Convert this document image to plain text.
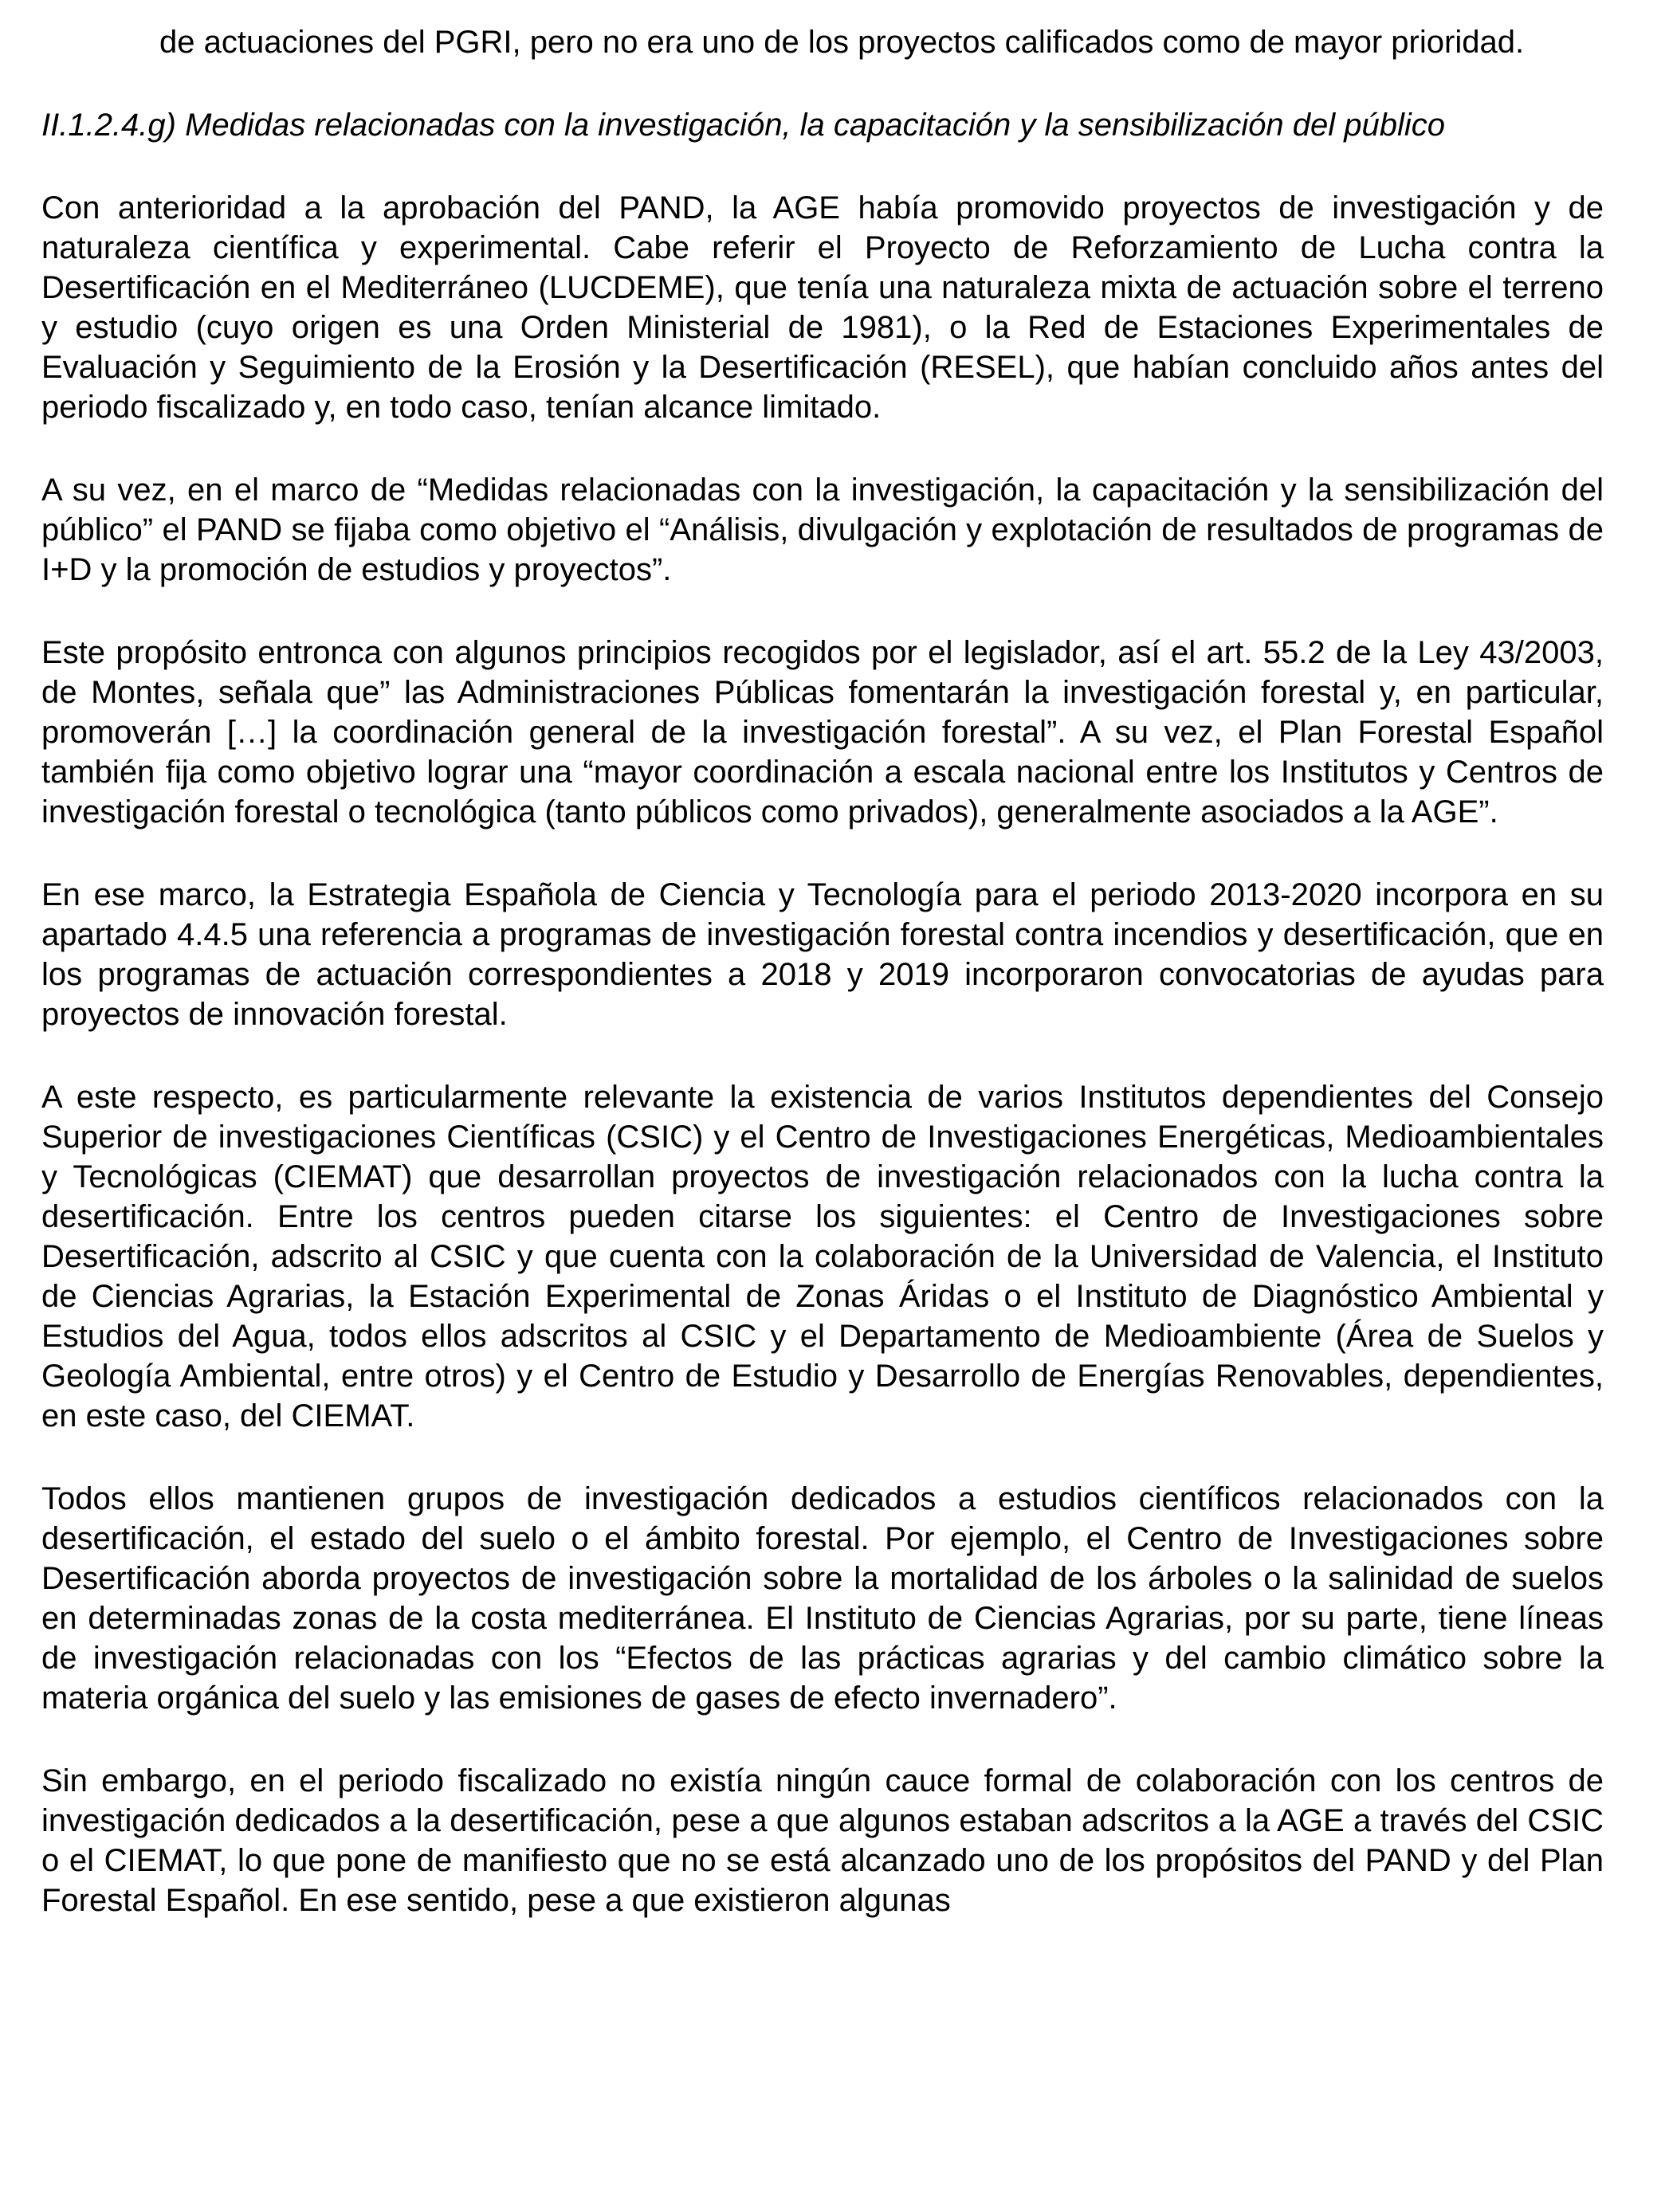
de actuaciones del PGRI, pero no era uno de los proyectos calificados como de mayor prioridad.

II.1.2.4.g) Medidas relacionadas con la investigación, la capacitación y la sensibilización del público

Con anterioridad a la aprobación del PAND, la AGE había promovido proyectos de investigación y de naturaleza científica y experimental. Cabe referir el Proyecto de Reforzamiento de Lucha contra la Desertificación en el Mediterráneo (LUCDEME), que tenía una naturaleza mixta de actuación sobre el terreno y estudio (cuyo origen es una Orden Ministerial de 1981), o la Red de Estaciones Experimentales de Evaluación y Seguimiento de la Erosión y la Desertificación (RESEL), que habían concluido años antes del periodo fiscalizado y, en todo caso, tenían alcance limitado.

A su vez, en el marco de “Medidas relacionadas con la investigación, la capacitación y la sensibilización del público” el PAND se fijaba como objetivo el “Análisis, divulgación y explotación de resultados de programas de I+D y la promoción de estudios y proyectos”.

Este propósito entronca con algunos principios recogidos por el legislador, así el art. 55.2 de la Ley 43/2003, de Montes, señala que” las Administraciones Públicas fomentarán la investigación forestal y, en particular, promoverán […] la coordinación general de la investigación forestal”. A su vez, el Plan Forestal Español también fija como objetivo lograr una “mayor coordinación a escala nacional entre los Institutos y Centros de investigación forestal o tecnológica (tanto públicos como privados), generalmente asociados a la AGE”.

En ese marco, la Estrategia Española de Ciencia y Tecnología para el periodo 2013-2020 incorpora en su apartado 4.4.5 una referencia a programas de investigación forestal contra incendios y desertificación, que en los programas de actuación correspondientes a 2018 y 2019 incorporaron convocatorias de ayudas para proyectos de innovación forestal.

A este respecto, es particularmente relevante la existencia de varios Institutos dependientes del Consejo Superior de investigaciones Científicas (CSIC) y el Centro de Investigaciones Energéticas, Medioambientales y Tecnológicas (CIEMAT) que desarrollan proyectos de investigación relacionados con la lucha contra la desertificación. Entre los centros pueden citarse los siguientes: el Centro de Investigaciones sobre Desertificación, adscrito al CSIC y que cuenta con la colaboración de la Universidad de Valencia, el Instituto de Ciencias Agrarias, la Estación Experimental de Zonas Áridas o el Instituto de Diagnóstico Ambiental y Estudios del Agua, todos ellos adscritos al CSIC y el Departamento de Medioambiente (Área de Suelos y Geología Ambiental, entre otros) y el Centro de Estudio y Desarrollo de Energías Renovables, dependientes, en este caso, del CIEMAT.

Todos ellos mantienen grupos de investigación dedicados a estudios científicos relacionados con la desertificación, el estado del suelo o el ámbito forestal. Por ejemplo, el Centro de Investigaciones sobre Desertificación aborda proyectos de investigación sobre la mortalidad de los árboles o la salinidad de suelos en determinadas zonas de la costa mediterránea. El Instituto de Ciencias Agrarias, por su parte, tiene líneas de investigación relacionadas con los “Efectos de las prácticas agrarias y del cambio climático sobre la materia orgánica del suelo y las emisiones de gases de efecto invernadero”.

Sin embargo, en el periodo fiscalizado no existía ningún cauce formal de colaboración con los centros de investigación dedicados a la desertificación, pese a que algunos estaban adscritos a la AGE a través del CSIC o el CIEMAT, lo que pone de manifiesto que no se está alcanzado uno de los propósitos del PAND y del Plan Forestal Español. En ese sentido, pese a que existieron algunas
